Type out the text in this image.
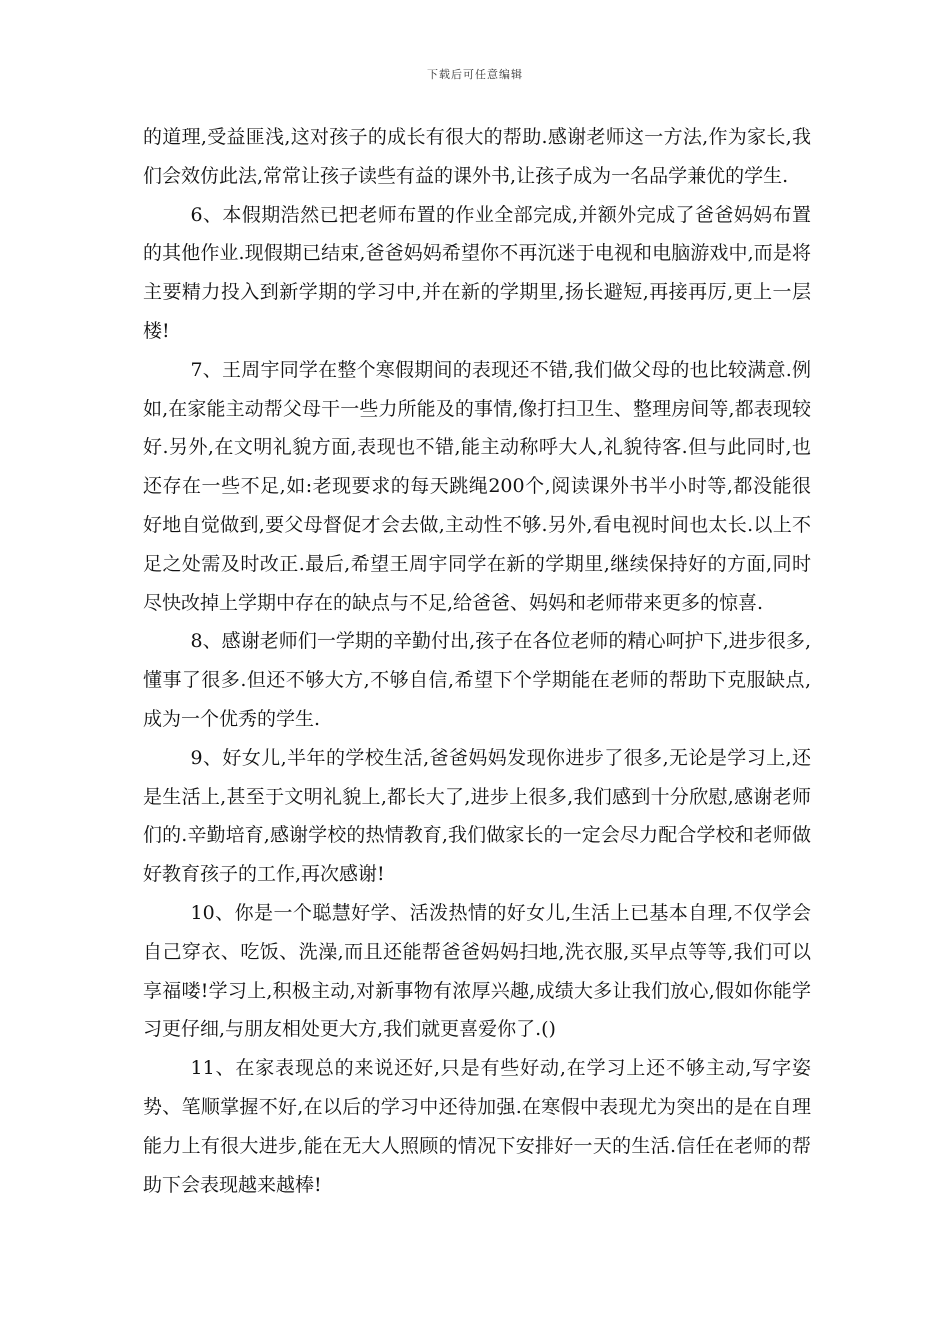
下载后可任意编辑

的道理,受益匪浅,这对孩子的成长有很大的帮助.感谢老师这一方法,作为家长,我们会效仿此法,常常让孩子读些有益的课外书,让孩子成为一名品学兼优的学生.

6、本假期浩然已把老师布置的作业全部完成,并额外完成了爸爸妈妈布置的其他作业.现假期已结束,爸爸妈妈希望你不再沉迷于电视和电脑游戏中,而是将主要精力投入到新学期的学习中,并在新的学期里,扬长避短,再接再厉,更上一层楼!

7、王周宇同学在整个寒假期间的表现还不错,我们做父母的也比较满意.例如,在家能主动帮父母干一些力所能及的事情,像打扫卫生、整理房间等,都表现较好.另外,在文明礼貌方面,表现也不错,能主动称呼大人,礼貌待客.但与此同时,也还存在一些不足,如:老现要求的每天跳绳200个,阅读课外书半小时等,都没能很好地自觉做到,要父母督促才会去做,主动性不够.另外,看电视时间也太长.以上不足之处需及时改正.最后,希望王周宇同学在新的学期里,继续保持好的方面,同时尽快改掉上学期中存在的缺点与不足,给爸爸、妈妈和老师带来更多的惊喜.

8、感谢老师们一学期的辛勤付出,孩子在各位老师的精心呵护下,进步很多,懂事了很多.但还不够大方,不够自信,希望下个学期能在老师的帮助下克服缺点,成为一个优秀的学生.

9、好女儿,半年的学校生活,爸爸妈妈发现你进步了很多,无论是学习上,还是生活上,甚至于文明礼貌上,都长大了,进步上很多,我们感到十分欣慰,感谢老师们的.辛勤培育,感谢学校的热情教育,我们做家长的一定会尽力配合学校和老师做好教育孩子的工作,再次感谢!

10、你是一个聪慧好学、活泼热情的好女儿,生活上已基本自理,不仅学会自己穿衣、吃饭、洗澡,而且还能帮爸爸妈妈扫地,洗衣服,买早点等等,我们可以享福喽!学习上,积极主动,对新事物有浓厚兴趣,成绩大多让我们放心,假如你能学习更仔细,与朋友相处更大方,我们就更喜爱你了.()

11、在家表现总的来说还好,只是有些好动,在学习上还不够主动,写字姿势、笔顺掌握不好,在以后的学习中还待加强.在寒假中表现尤为突出的是在自理能力上有很大进步,能在无大人照顾的情况下安排好一天的生活.信任在老师的帮助下会表现越来越棒!
